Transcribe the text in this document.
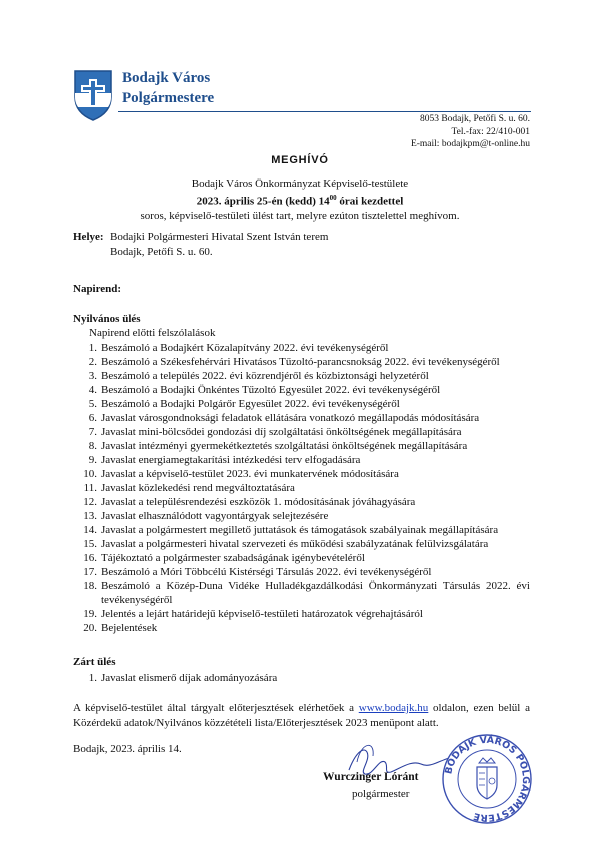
Bodajk Város
Polgármestere
8053 Bodajk, Petőfi S. u. 60.
Tel.-fax: 22/410-001
E-mail: bodajkpm@t-online.hu
MEGHÍVÓ
Bodajk Város Önkormányzat Képviselő-testülete
2023. április 25-én (kedd) $14^{00}$ órai kezdettel
soros, képviselő-testületi ülést tart, melyre ezúton tisztelettel meghívom.
Helye: Bodajki Polgármesteri Hivatal Szent István terem
Bodajk, Petőfi S. u. 60.
Napirend:
Nyilvános ülés
Napirend előtti felszólalások
1. Beszámoló a Bodajkért Közalapítvány 2022. évi tevékenységéről
2. Beszámoló a Székesfehérvári Hivatásos Tűzoltó-parancsnokság 2022. évi tevékenységéről
3. Beszámoló a település 2022. évi közrendjéről és közbiztonsági helyzetéről
4. Beszámoló a Bodajki Önkéntes Tűzoltó Egyesület 2022. évi tevékenységéről
5. Beszámoló a Bodajki Polgárőr Egyesület 2022. évi tevékenységéről
6. Javaslat városgondnoksági feladatok ellátására vonatkozó megállapodás módosítására
7. Javaslat mini-bölcsődei gondozási díj szolgáltatási önköltségének megállapítására
8. Javaslat intézményi gyermekétkeztetés szolgáltatási önköltségének megállapítására
9. Javaslat energiamegtakarítási intézkedési terv elfogadására
10. Javaslat a képviselő-testület 2023. évi munkatervének módosítására
11. Javaslat közlekedési rend megváltoztatására
12. Javaslat a településrendezési eszközök 1. módosításának jóváhagyására
13. Javaslat elhasználódott vagyontárgyak selejtezésére
14. Javaslat a polgármestert megillető juttatások és támogatások szabályainak megállapítására
15. Javaslat a polgármesteri hivatal szervezeti és működési szabályzatának felülvizsgálatára
16. Tájékoztató a polgármester szabadságának igénybevételéről
17. Beszámoló a Móri Többcélú Kistérségi Társulás 2022. évi tevékenységéről
18. Beszámoló a Közép-Duna Vidéke Hulladékgazdálkodási Önkormányzati Társulás 2022. évi tevékenységéről
19. Jelentés a lejárt határidejű képviselő-testületi határozatok végrehajtásáról
20. Bejelentések
Zárt ülés
1. Javaslat elismerő díjak adományozására
A képviselő-testület által tárgyalt előterjesztések elérhetőek a www.bodajk.hu oldalon, ezen belül a Közérdekű adatok/Nyilvános közzétételi lista/Előterjesztések 2023 menüpont alatt.
Bodajk, 2023. április 14.
Wurczinger Lóránt
polgármester
BODAJK VÁROS POLGÁRMESTERE
